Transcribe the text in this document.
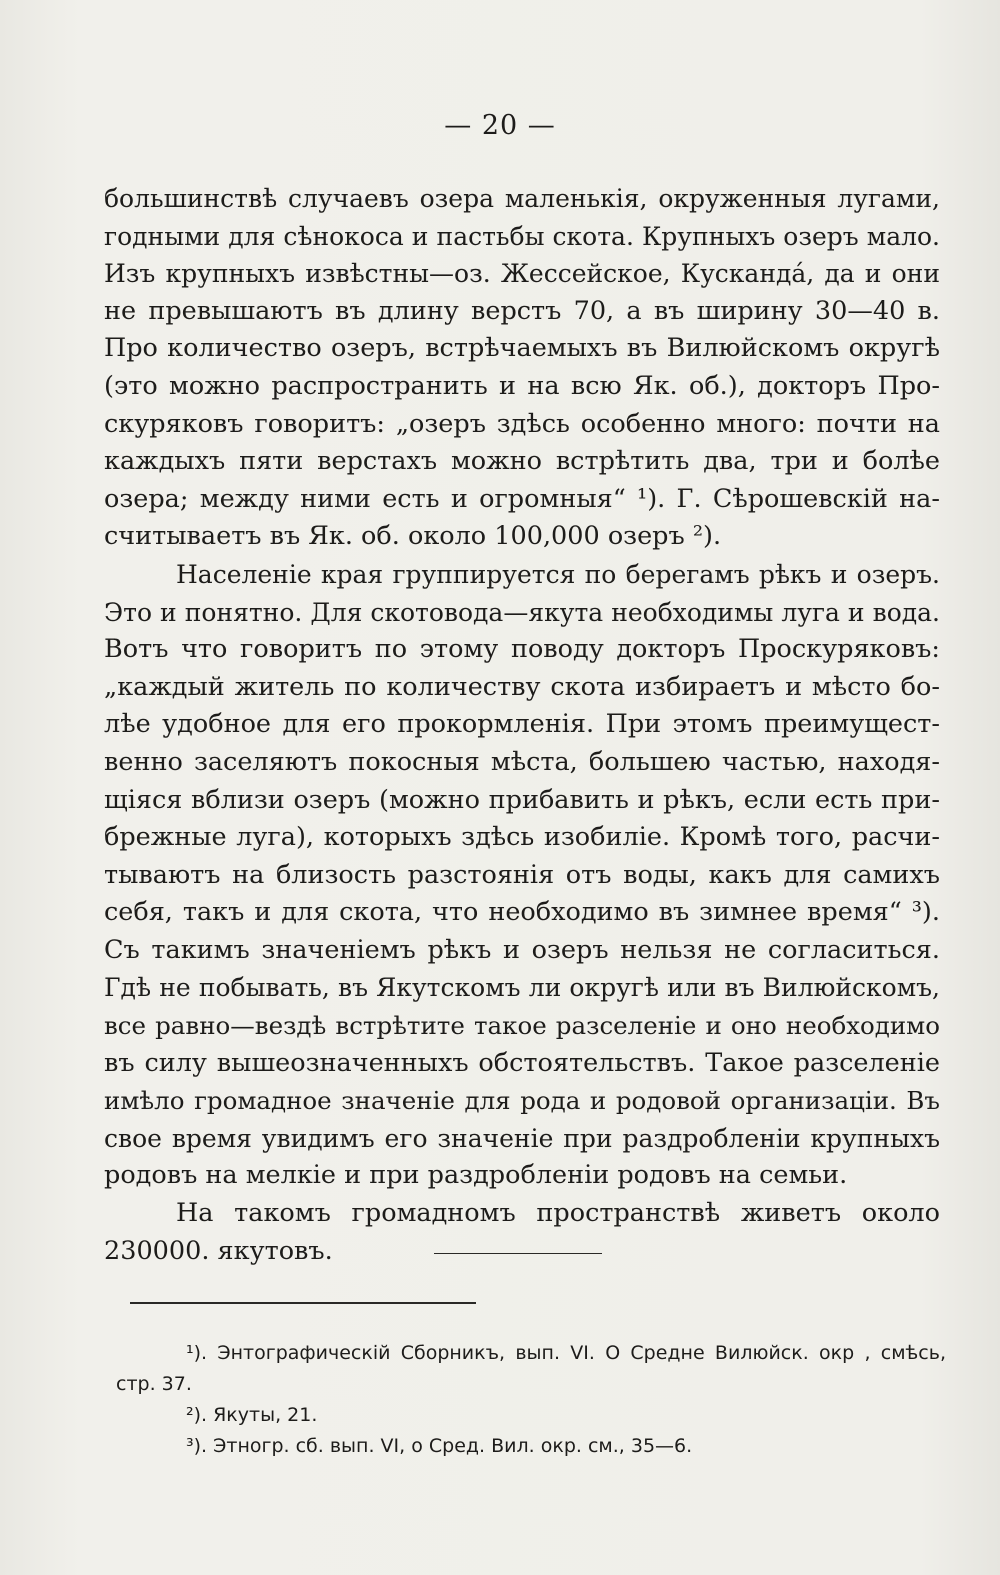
— 20 —
большинствѣ случаевъ озера маленькія, окруженныя лугами,
годными для сѣнокоса и пастьбы скота. Крупныхъ озеръ мало.
Изъ крупныхъ извѣстны—оз. Жессейское, Кускандá, да и они
не превышаютъ въ длину верстъ 70, а въ ширину 30—40 в.
Про количество озеръ, встрѣчаемыхъ въ Вилюйскомъ округѣ
(это можно распространить и на всю Як. об.), докторъ Про-
скуряковъ говоритъ: „озеръ здѣсь особенно много: почти на
каждыхъ пяти верстахъ можно встрѣтить два, три и болѣе
озера; между ними есть и огромныя“ ¹). Г. Сѣрошевскій на-
считываетъ въ Як. об. около 100,000 озеръ ²).
Населеніе края группируется по берегамъ рѣкъ и озеръ.
Это и понятно. Для скотовода—якута необходимы луга и вода.
Вотъ что говоритъ по этому поводу докторъ Проскуряковъ:
„каждый житель по количеству скота избираетъ и мѣсто бо-
лѣе удобное для его прокормленія. При этомъ преимущест-
венно заселяютъ покосныя мѣста, большею частью, находя-
щіяся вблизи озеръ (можно прибавить и рѣкъ, если есть при-
брежные луга), которыхъ здѣсь изобиліе. Кромѣ того, расчи-
тываютъ на близость разстоянія отъ воды, какъ для самихъ
себя, такъ и для скота, что необходимо въ зимнее время“ ³).
Съ такимъ значеніемъ рѣкъ и озеръ нельзя не согласиться.
Гдѣ не побывать, въ Якутскомъ ли округѣ или въ Вилюйскомъ,
все равно—вездѣ встрѣтите такое разселеніе и оно необходимо
въ силу вышеозначенныхъ обстоятельствъ. Такое разселеніе
имѣло громадное значеніе для рода и родовой организаціи. Въ
свое время увидимъ его значеніе при раздробленіи крупныхъ
родовъ на мелкіе и при раздробленіи родовъ на семьи.
На такомъ громадномъ пространствѣ живетъ около
230000. якутовъ.
¹). Энтографическій Сборникъ, вып. VI. О Средне Вилюйск. окр , смѣсь,
стр. 37.
²). Якуты, 21.
³). Этногр. сб. вып. VI, о Сред. Вил. окр. см., 35—6.
